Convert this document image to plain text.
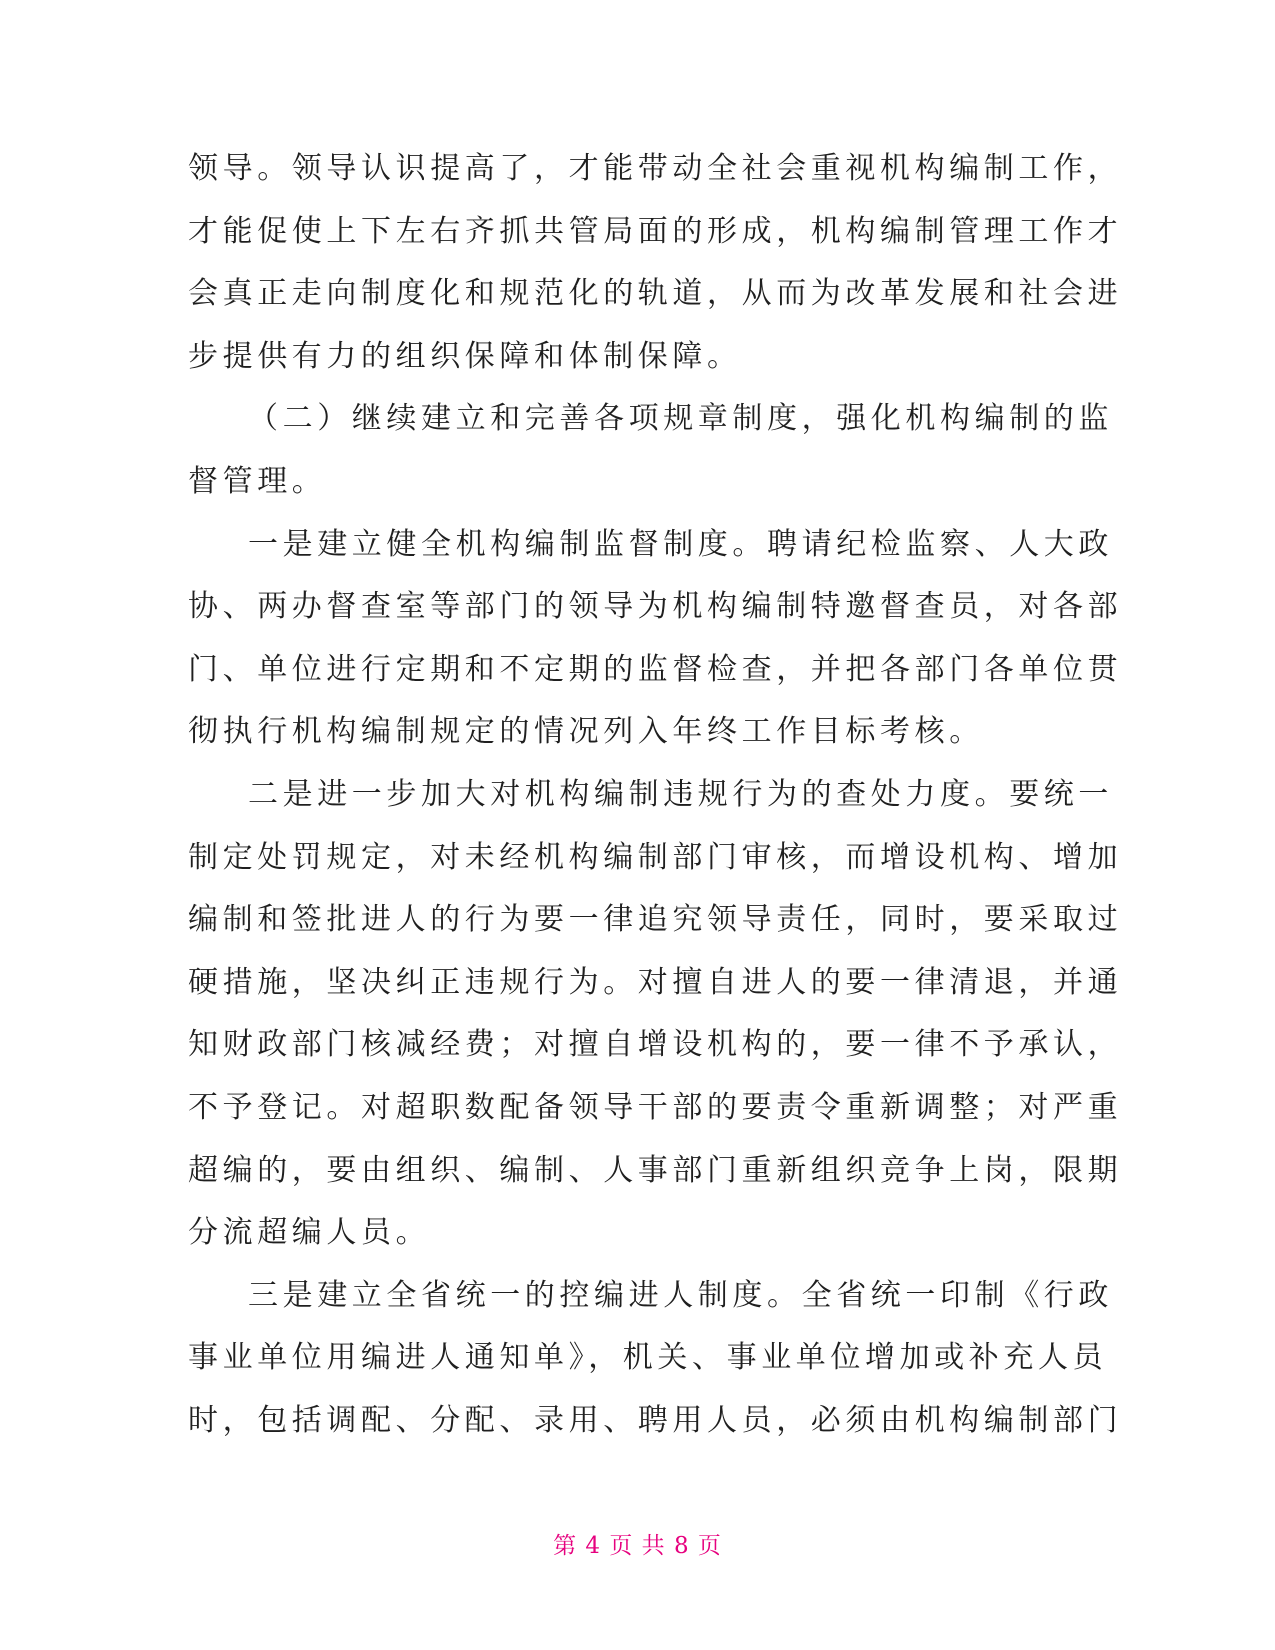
领导。领导认识提高了，才能带动全社会重视机构编制工作，
才能促使上下左右齐抓共管局面的形成，机构编制管理工作才
会真正走向制度化和规范化的轨道，从而为改革发展和社会进
步提供有力的组织保障和体制保障。
（二）继续建立和完善各项规章制度，强化机构编制的监
督管理。
一是建立健全机构编制监督制度。聘请纪检监察、人大政
协、两办督查室等部门的领导为机构编制特邀督查员，对各部
门、单位进行定期和不定期的监督检查，并把各部门各单位贯
彻执行机构编制规定的情况列入年终工作目标考核。
二是进一步加大对机构编制违规行为的查处力度。要统一
制定处罚规定，对未经机构编制部门审核，而增设机构、增加
编制和签批进人的行为要一律追究领导责任，同时，要采取过
硬措施，坚决纠正违规行为。对擅自进人的要一律清退，并通
知财政部门核减经费；对擅自增设机构的，要一律不予承认，
不予登记。对超职数配备领导干部的要责令重新调整；对严重
超编的，要由组织、编制、人事部门重新组织竞争上岗，限期
分流超编人员。
三是建立全省统一的控编进人制度。全省统一印制《行政
事业单位用编进人通知单》，机关、事业单位增加或补充人员
时，包括调配、分配、录用、聘用人员，必须由机构编制部门
第 4 页 共 8 页
